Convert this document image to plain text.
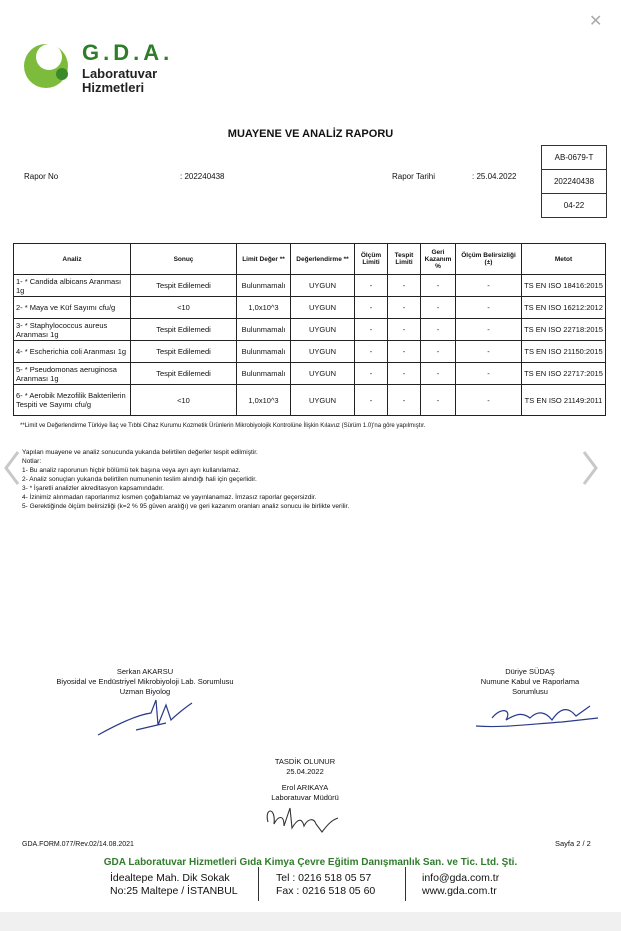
G.D.A.
Laboratuvar
Hizmetleri
✕
MUAYENE VE ANALİZ RAPORU
Rapor No	: 202240438	Rapor Tarihi	: 25.04.2022
AB-0679-T
202240438
04-22
Analiz	Sonuç	Limit Değer **	Değerlendirme **	Ölçüm Limiti	Tespit Limiti	Geri Kazanım %	Ölçüm Belirsizliği (±)	Metot
1- * Candida albicans Aranması 1g	Tespit Edilemedi	Bulunmamalı	UYGUN	-	-	-	-	TS EN ISO 18416:2015
2- * Maya ve Küf Sayımı cfu/g	<10	1,0x10^3	UYGUN	-	-	-	-	TS EN ISO 16212:2012
3- * Staphylococcus aureus Aranması 1g	Tespit Edilemedi	Bulunmamalı	UYGUN	-	-	-	-	TS EN ISO 22718:2015
4- * Escherichia coli Aranması 1g	Tespit Edilemedi	Bulunmamalı	UYGUN	-	-	-	-	TS EN ISO 21150:2015
5- * Pseudomonas aeruginosa Aranması 1g	Tespit Edilemedi	Bulunmamalı	UYGUN	-	-	-	-	TS EN ISO 22717:2015
6- * Aerobik Mezofilik Bakterilerin Tespiti ve Sayımı cfu/g	<10	1,0x10^3	UYGUN	-	-	-	-	TS EN ISO 21149:2011
**Limit ve Değerlendirme Türkiye İlaç ve Tıbbi Cihaz Kurumu Kozmetik Ürünlerin Mikrobiyolojik Kontrolüne İlişkin Kılavuz (Sürüm 1.0)'na göre yapılmıştır.
Yapılan muayene ve analiz sonucunda yukarıda belirtilen değerler tespit edilmiştir.
Notlar:
1- Bu analiz raporunun hiçbir bölümü tek başına veya ayrı ayrı kullanılamaz.
2- Analiz sonuçları yukarıda belirtilen numunenin teslim alındığı hali için geçerlidir.
3- * İşaretli analizler akreditasyon kapsamındadır.
4- İzinimiz alınmadan raporlarımız kısmen çoğaltılamaz ve yayınlanamaz. İmzasız raporlar geçersizdir.
5- Gerektiğinde ölçüm belirsizliği (k=2 % 95 güven aralığı) ve geri kazanım oranları analiz sonucu ile birlikte verilir.
Serkan AKARSU
Biyosidal ve Endüstriyel Mikrobiyoloji Lab. Sorumlusu
Uzman Biyolog
Düriye SÜDAŞ
Numune Kabul ve Raporlama
Sorumlusu
TASDİK OLUNUR
25.04.2022
Erol ARIKAYA
Laboratuvar Müdürü
GDA.FORM.077/Rev.02/14.08.2021	Sayfa 2 / 2
GDA Laboratuvar Hizmetleri Gıda Kimya Çevre Eğitim Danışmanlık San. ve Tic. Ltd. Şti.
İdealtepe Mah. Dik Sokak
No:25 Maltepe / İSTANBUL
Tel : 0216 518 05 57
Fax : 0216 518 05 60
info@gda.com.tr
www.gda.com.tr
